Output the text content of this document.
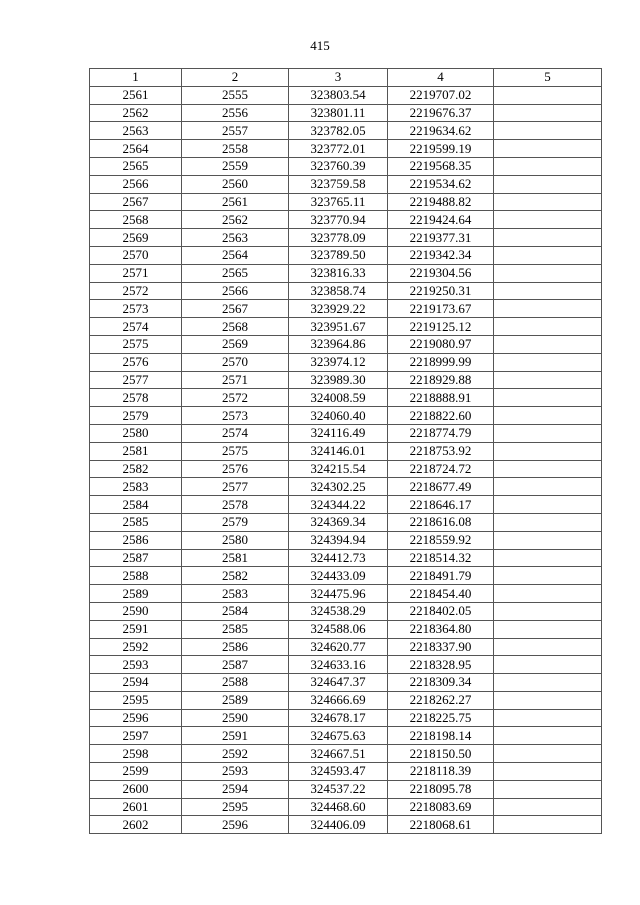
415
1	2	3	4	5
2561	2555	323803.54	2219707.02	
2562	2556	323801.11	2219676.37	
2563	2557	323782.05	2219634.62	
2564	2558	323772.01	2219599.19	
2565	2559	323760.39	2219568.35	
2566	2560	323759.58	2219534.62	
2567	2561	323765.11	2219488.82	
2568	2562	323770.94	2219424.64	
2569	2563	323778.09	2219377.31	
2570	2564	323789.50	2219342.34	
2571	2565	323816.33	2219304.56	
2572	2566	323858.74	2219250.31	
2573	2567	323929.22	2219173.67	
2574	2568	323951.67	2219125.12	
2575	2569	323964.86	2219080.97	
2576	2570	323974.12	2218999.99	
2577	2571	323989.30	2218929.88	
2578	2572	324008.59	2218888.91	
2579	2573	324060.40	2218822.60	
2580	2574	324116.49	2218774.79	
2581	2575	324146.01	2218753.92	
2582	2576	324215.54	2218724.72	
2583	2577	324302.25	2218677.49	
2584	2578	324344.22	2218646.17	
2585	2579	324369.34	2218616.08	
2586	2580	324394.94	2218559.92	
2587	2581	324412.73	2218514.32	
2588	2582	324433.09	2218491.79	
2589	2583	324475.96	2218454.40	
2590	2584	324538.29	2218402.05	
2591	2585	324588.06	2218364.80	
2592	2586	324620.77	2218337.90	
2593	2587	324633.16	2218328.95	
2594	2588	324647.37	2218309.34	
2595	2589	324666.69	2218262.27	
2596	2590	324678.17	2218225.75	
2597	2591	324675.63	2218198.14	
2598	2592	324667.51	2218150.50	
2599	2593	324593.47	2218118.39	
2600	2594	324537.22	2218095.78	
2601	2595	324468.60	2218083.69	
2602	2596	324406.09	2218068.61	
